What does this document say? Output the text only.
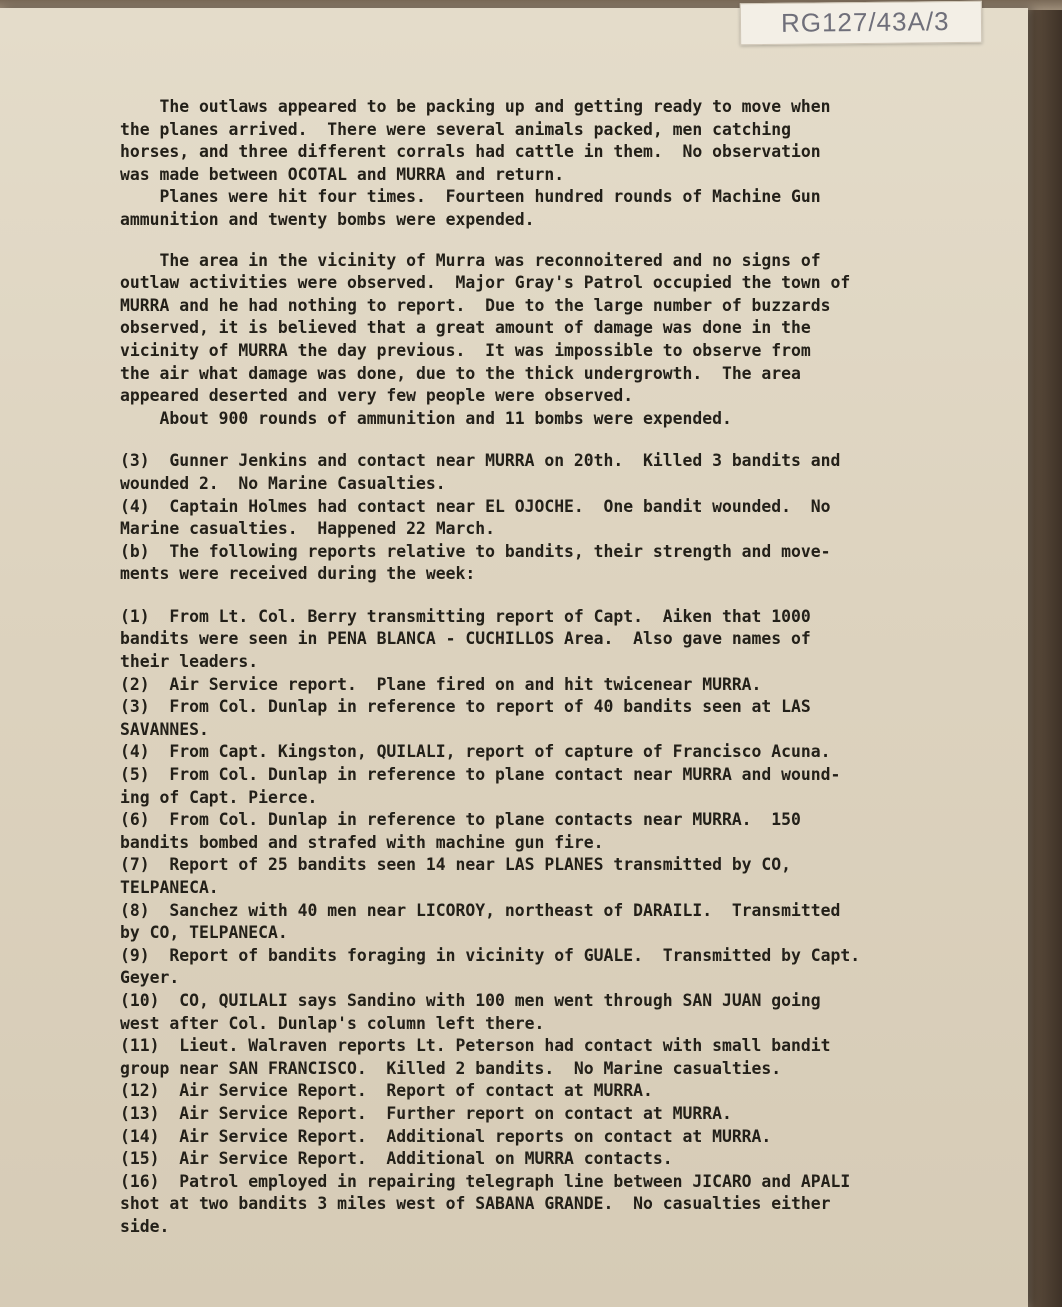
RG127/43A/3

The outlaws appeared to be packing up and getting ready to move when

the planes arrived.  There were several animals packed, men catching

horses, and three different corrals had cattle in them.  No observation

was made between OCOTAL and MURRA and return.

Planes were hit four times.  Fourteen hundred rounds of Machine Gun

ammunition and twenty bombs were expended.

The area in the vicinity of Murra was reconnoitered and no signs of

outlaw activities were observed.  Major Gray's Patrol occupied the town of

MURRA and he had nothing to report.  Due to the large number of buzzards

observed, it is believed that a great amount of damage was done in the

vicinity of MURRA the day previous.  It was impossible to observe from

the air what damage was done, due to the thick undergrowth.  The area

appeared deserted and very few people were observed.

About 900 rounds of ammunition and 11 bombs were expended.

(3)  Gunner Jenkins and contact near MURRA on 20th.  Killed 3 bandits and

wounded 2.  No Marine Casualties.

(4)  Captain Holmes had contact near EL OJOCHE.  One bandit wounded.  No

Marine casualties.  Happened 22 March.

(b)  The following reports relative to bandits, their strength and move-

ments were received during the week:

(1)  From Lt. Col. Berry transmitting report of Capt.  Aiken that 1000

bandits were seen in PENA BLANCA - CUCHILLOS Area.  Also gave names of

their leaders.

(2)  Air Service report.  Plane fired on and hit twicenear MURRA.

(3)  From Col. Dunlap in reference to report of 40 bandits seen at LAS

SAVANNES.

(4)  From Capt. Kingston, QUILALI, report of capture of Francisco Acuna.

(5)  From Col. Dunlap in reference to plane contact near MURRA and wound-

ing of Capt. Pierce.

(6)  From Col. Dunlap in reference to plane contacts near MURRA.  150

bandits bombed and strafed with machine gun fire.

(7)  Report of 25 bandits seen 14 near LAS PLANES transmitted by CO,

TELPANECA.

(8)  Sanchez with 40 men near LICOROY, northeast of DARAILI.  Transmitted

by CO, TELPANECA.

(9)  Report of bandits foraging in vicinity of GUALE.  Transmitted by Capt.

Geyer.

(10)  CO, QUILALI says Sandino with 100 men went through SAN JUAN going

west after Col. Dunlap's column left there.

(11)  Lieut. Walraven reports Lt. Peterson had contact with small bandit

group near SAN FRANCISCO.  Killed 2 bandits.  No Marine casualties.

(12)  Air Service Report.  Report of contact at MURRA.

(13)  Air Service Report.  Further report on contact at MURRA.

(14)  Air Service Report.  Additional reports on contact at MURRA.

(15)  Air Service Report.  Additional on MURRA contacts.

(16)  Patrol employed in repairing telegraph line between JICARO and APALI

shot at two bandits 3 miles west of SABANA GRANDE.  No casualties either

side.
